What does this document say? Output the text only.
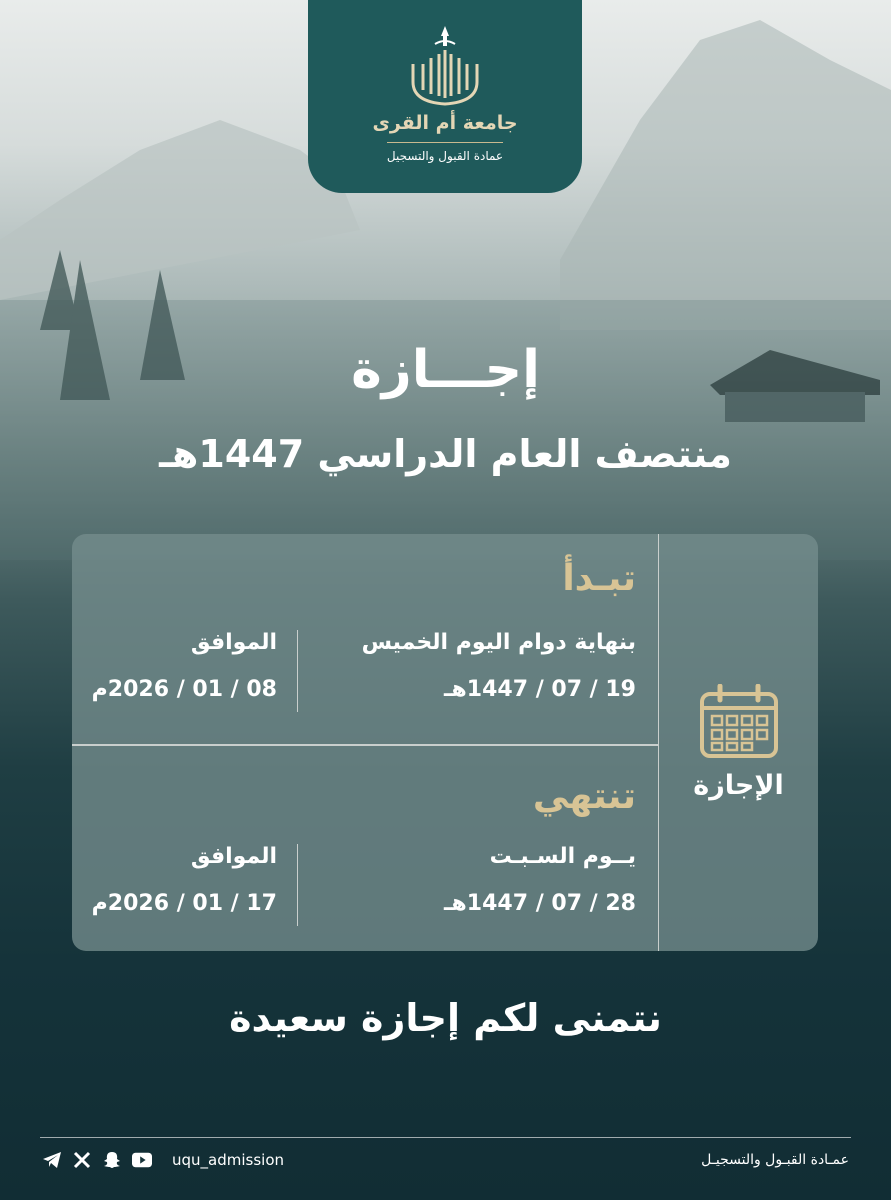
جامعة أم القرى
عمادة القبول والتسجيل
إجـــازة
منتصف العام الدراسي 1447هـ
الإجازة
تبـدأ
بنهاية دوام اليوم الخميس
19 / 07 / 1447هـ
الموافق
08 / 01 / 2026م
تنتهي
يــوم السـبـت
28 / 07 / 1447هـ
الموافق
17 / 01 / 2026م
نتمنى لكم إجازة سعيدة
uqu_admission	عمـادة القبـول والتسجيـل
